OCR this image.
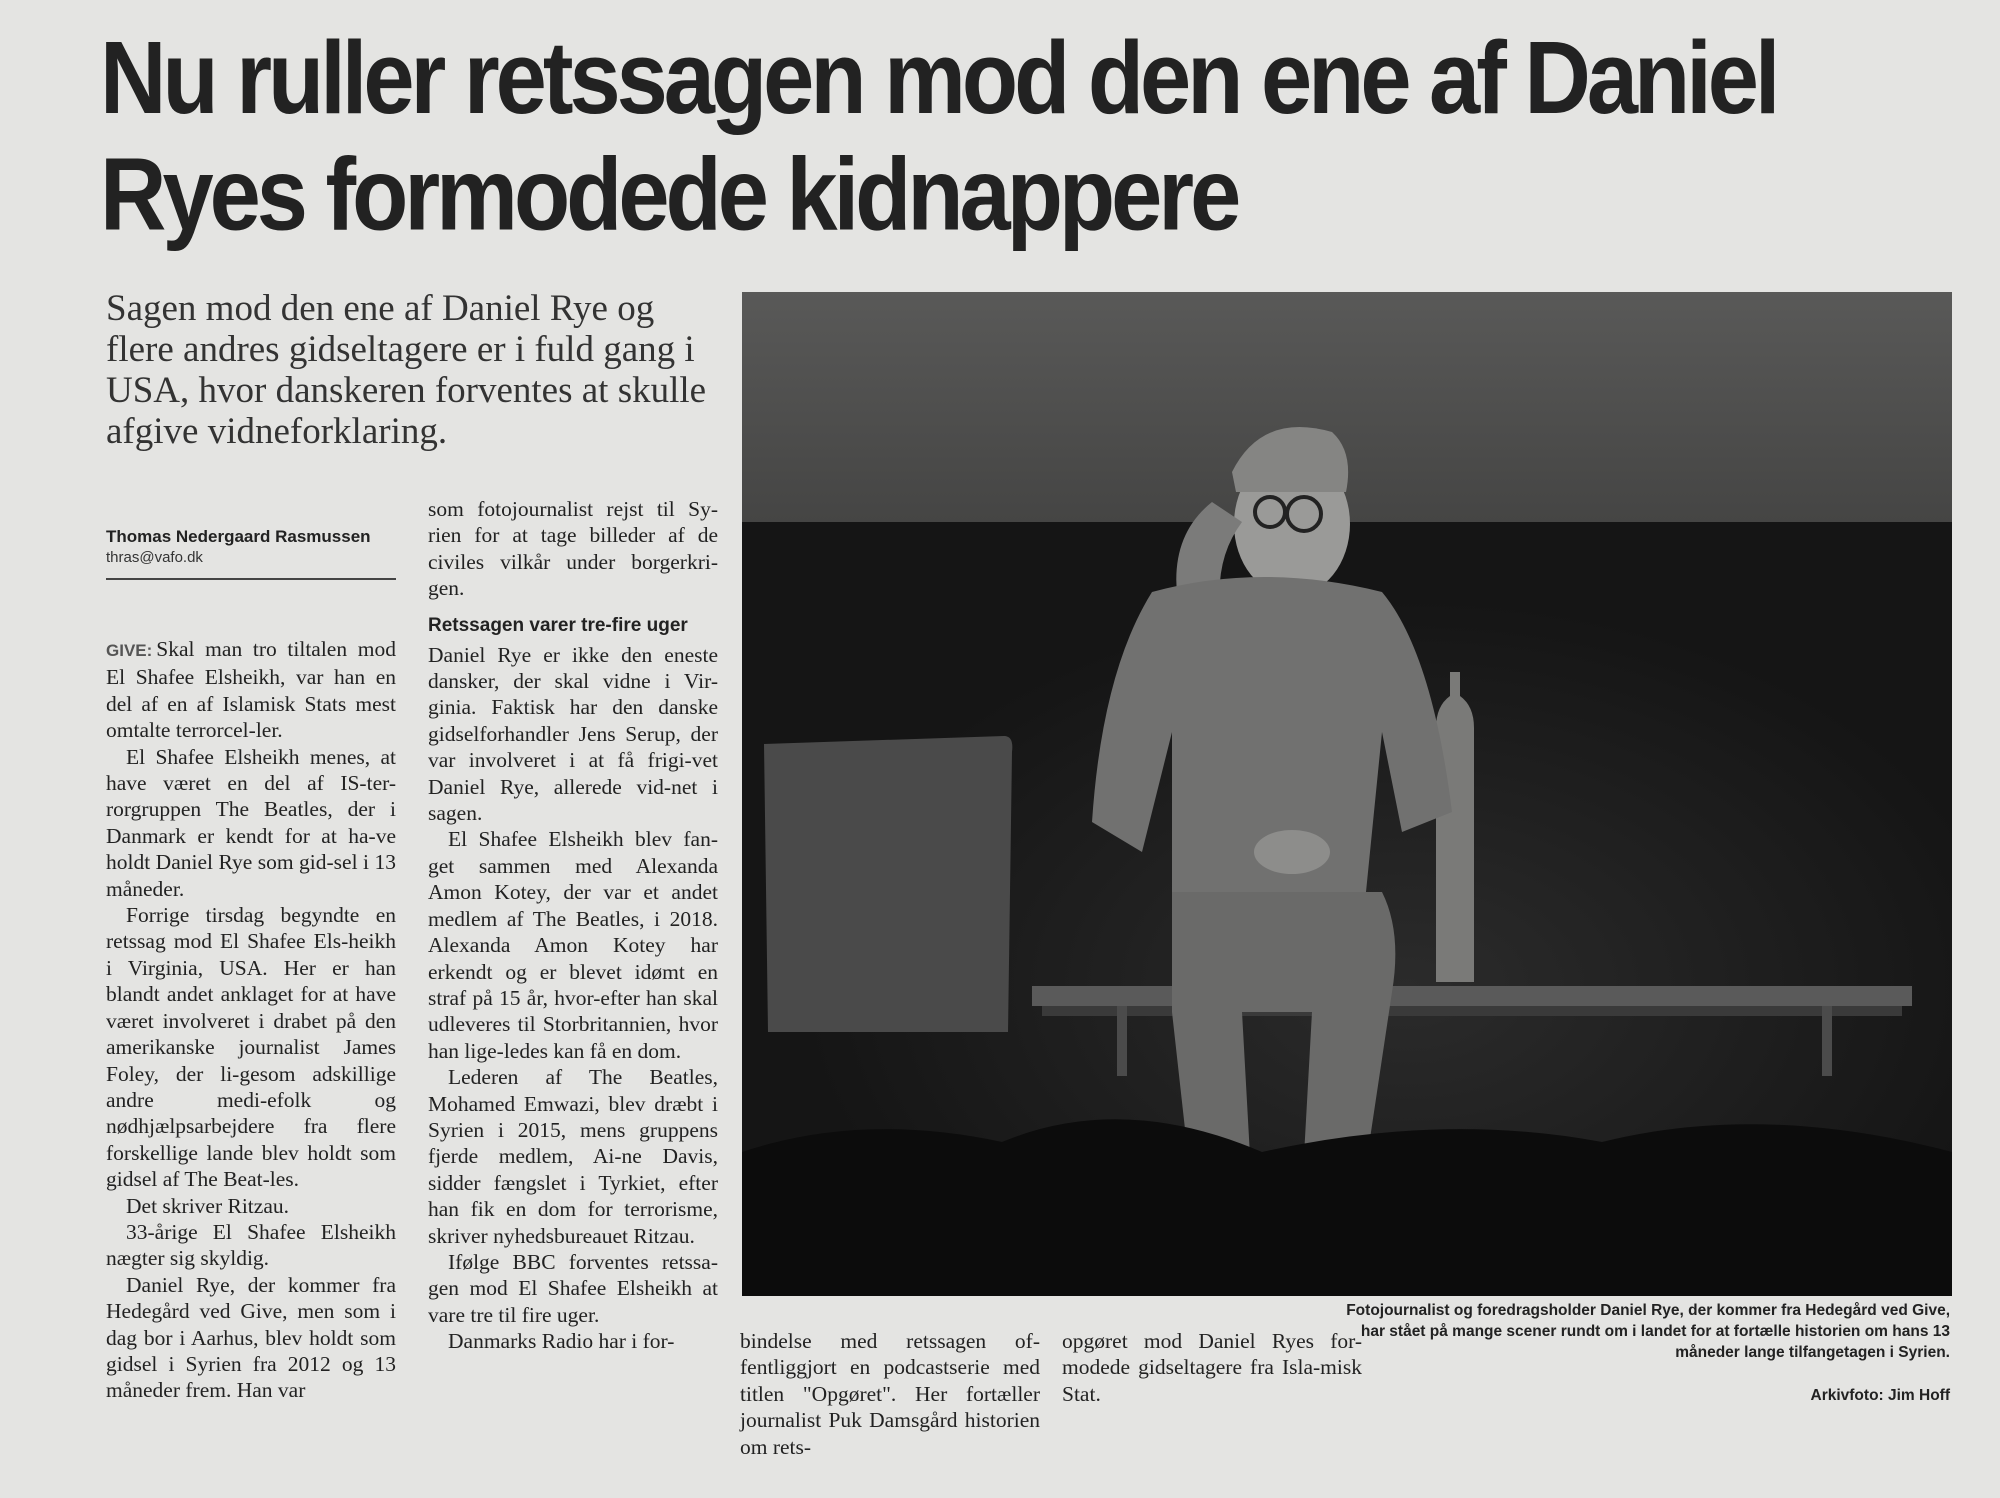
Nu ruller retssagen mod den ene af Daniel Ryes formodede kidnappere

Sagen mod den ene af Daniel Rye og flere andres gidseltagere er i fuld gang i USA, hvor danskeren forventes at skulle afgive vidneforklaring.

Thomas Nedergaard Rasmussen
thras@vafo.dk

GIVE: Skal man tro tiltalen mod El Shafee Elsheikh, var han en del af en af Islamisk Stats mest omtalte terrorcel-ler.

El Shafee Elsheikh menes, at have været en del af IS-ter-rorgruppen The Beatles, der i Danmark er kendt for at ha-ve holdt Daniel Rye som gid-sel i 13 måneder.

Forrige tirsdag begyndte en retssag mod El Shafee Els-heikh i Virginia, USA. Her er han blandt andet anklaget for at have været involveret i drabet på den amerikanske journalist James Foley, der li-gesom adskillige andre medi-efolk og nødhjælpsarbejdere fra flere forskellige lande blev holdt som gidsel af The Beat-les.

Det skriver Ritzau.

33-årige El Shafee Elsheikh nægter sig skyldig.

Daniel Rye, der kommer fra Hedegård ved Give, men som i dag bor i Aarhus, blev holdt som gidsel i Syrien fra 2012 og 13 måneder frem. Han var

som fotojournalist rejst til Sy-rien for at tage billeder af de civiles vilkår under borgerkri-gen.

Retssagen varer tre-fire uger

Daniel Rye er ikke den eneste dansker, der skal vidne i Vir-ginia. Faktisk har den danske gidselforhandler Jens Serup, der var involveret i at få frigi-vet Daniel Rye, allerede vid-net i sagen.

El Shafee Elsheikh blev fan-get sammen med Alexanda Amon Kotey, der var et andet medlem af The Beatles, i 2018. Alexanda Amon Kotey har erkendt og er blevet idømt en straf på 15 år, hvor-efter han skal udleveres til Storbritannien, hvor han lige-ledes kan få en dom.

Lederen af The Beatles, Mohamed Emwazi, blev dræbt i Syrien i 2015, mens gruppens fjerde medlem, Ai-ne Davis, sidder fængslet i Tyrkiet, efter han fik en dom for terrorisme, skriver nyhedsbureauet Ritzau.

Ifølge BBC forventes retssa-gen mod El Shafee Elsheikh at vare tre til fire uger.

Danmarks Radio har i for-	bindelse med retssagen of-fentliggjort en podcastserie med titlen "Opgøret". Her fortæller journalist Puk Damsgård historien om rets-

opgøret mod Daniel Ryes for-modede gidseltagere fra Isla-misk Stat.

Fotojournalist og foredragsholder Daniel Rye, der kommer fra Hedegård ved Give, har stået på mange scener rundt om i landet for at fortælle historien om hans 13 måneder lange tilfangetagen i Syrien.

Arkivfoto: Jim Hoff
